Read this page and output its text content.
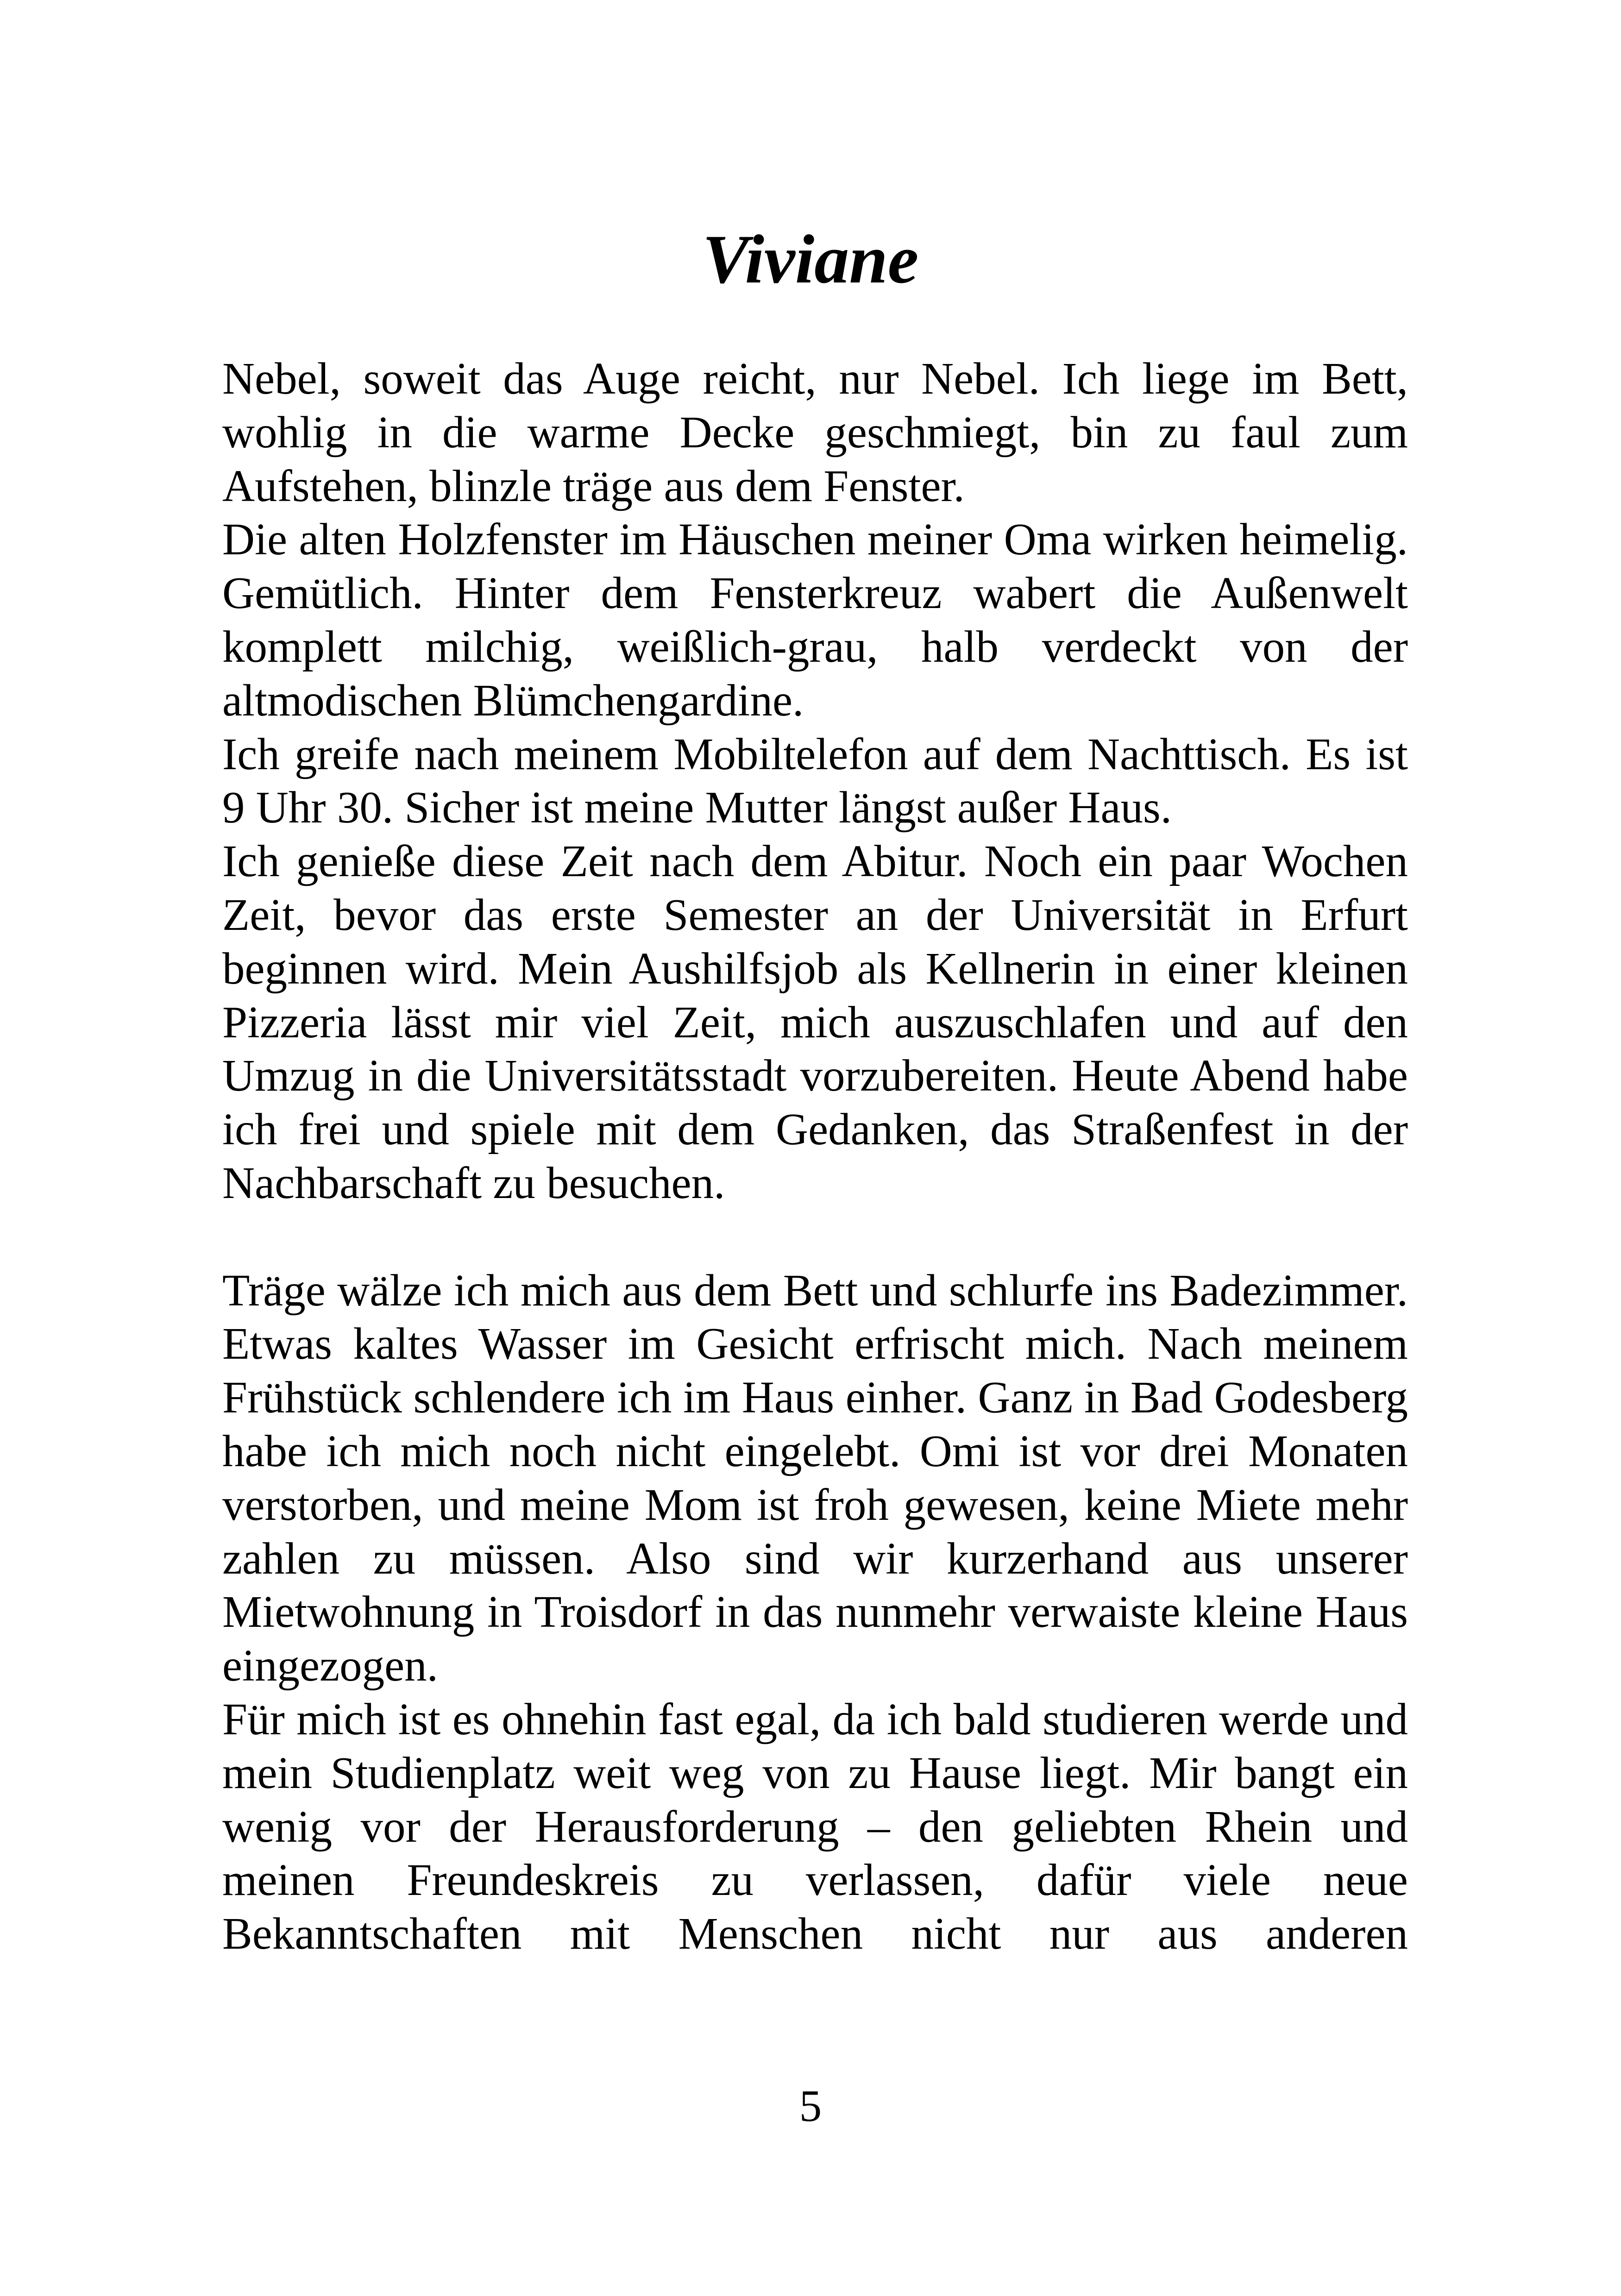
Viviane

Nebel, soweit das Auge reicht, nur Nebel. Ich liege im Bett, wohlig in die warme Decke geschmiegt, bin zu faul zum Aufstehen, blinzle träge aus dem Fenster.

Die alten Holzfenster im Häuschen meiner Oma wirken heimelig. Gemütlich. Hinter dem Fensterkreuz wabert die Außenwelt komplett milchig, weißlich-grau, halb verdeckt von der altmodischen Blümchengardine.

Ich greife nach meinem Mobiltelefon auf dem Nachttisch. Es ist 9 Uhr 30. Sicher ist meine Mutter längst außer Haus.

Ich genieße diese Zeit nach dem Abitur. Noch ein paar Wochen Zeit, bevor das erste Semester an der Universität in Erfurt beginnen wird. Mein Aushilfsjob als Kellnerin in einer kleinen Pizzeria lässt mir viel Zeit, mich auszuschlafen und auf den Umzug in die Universitätsstadt vorzubereiten. Heute Abend habe ich frei und spiele mit dem Gedanken, das Straßenfest in der Nachbarschaft zu besuchen.

Träge wälze ich mich aus dem Bett und schlurfe ins Badezimmer. Etwas kaltes Wasser im Gesicht erfrischt mich. Nach meinem Frühstück schlendere ich im Haus einher. Ganz in Bad Godesberg habe ich mich noch nicht eingelebt. Omi ist vor drei Monaten verstorben, und meine Mom ist froh gewesen, keine Miete mehr zahlen zu müssen. Also sind wir kurzerhand aus unserer Mietwohnung in Troisdorf in das nunmehr verwaiste kleine Haus eingezogen.

Für mich ist es ohnehin fast egal, da ich bald studieren werde und mein Studienplatz weit weg von zu Hause liegt. Mir bangt ein wenig vor der Herausforderung – den geliebten Rhein und meinen Freundeskreis zu verlassen, dafür viele neue Bekanntschaften mit Menschen nicht nur aus anderen

5
